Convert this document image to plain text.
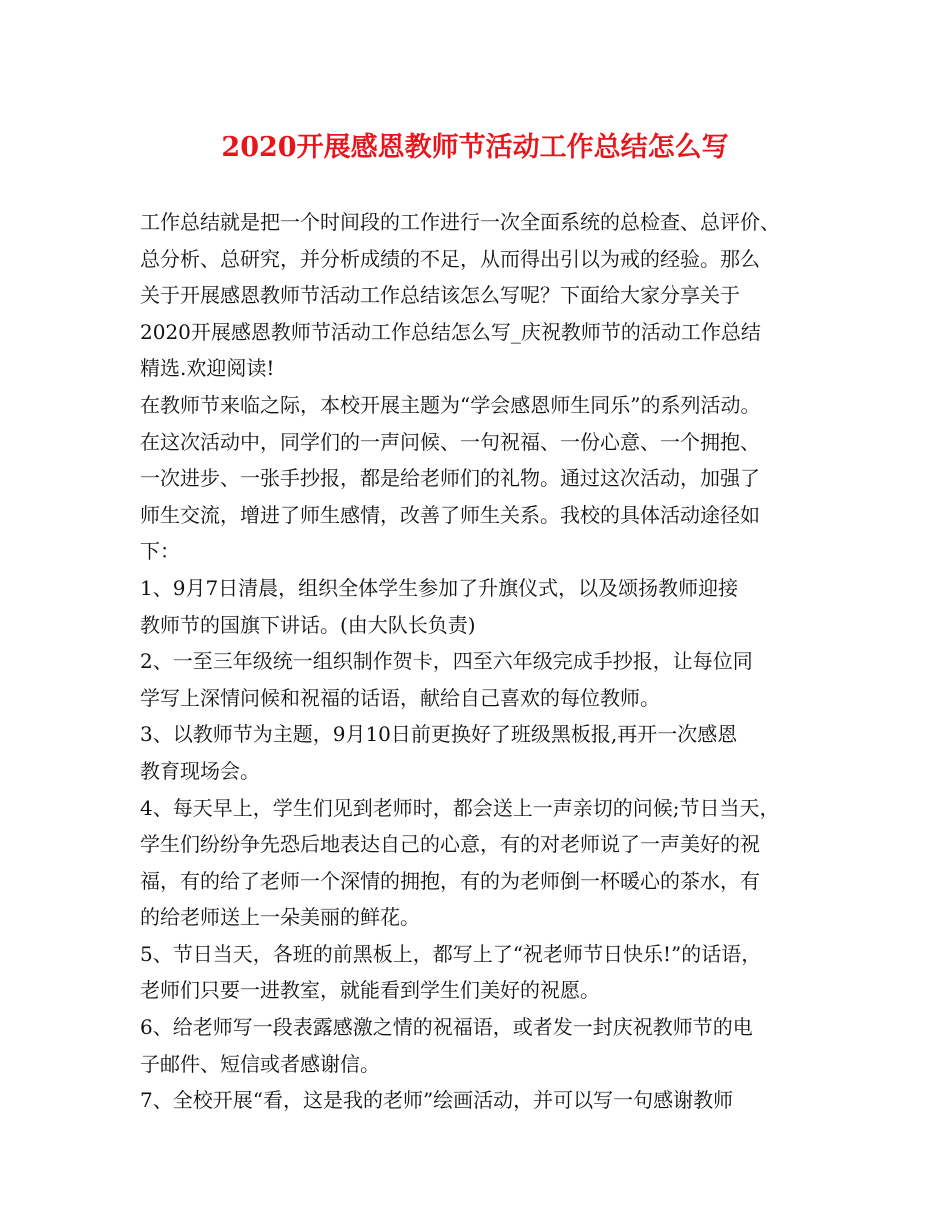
2020开展感恩教师节活动工作总结怎么写
工作总结就是把一个时间段的工作进行一次全面系统的总检查、总评价、
总分析、总研究，并分析成绩的不足，从而得出引以为戒的经验。那么
关于开展感恩教师节活动工作总结该怎么写呢？下面给大家分享关于
2020开展感恩教师节活动工作总结怎么写_庆祝教师节的活动工作总结
精选.欢迎阅读!
在教师节来临之际，本校开展主题为“学会感恩师生同乐”的系列活动。
在这次活动中，同学们的一声问候、一句祝福、一份心意、一个拥抱、
一次进步、一张手抄报，都是给老师们的礼物。通过这次活动，加强了
师生交流，增进了师生感情，改善了师生关系。我校的具体活动途径如
下：
1、9月7日清晨，组织全体学生参加了升旗仪式，以及颂扬教师迎接
教师节的国旗下讲话。(由大队长负责)
2、一至三年级统一组织制作贺卡，四至六年级完成手抄报，让每位同
学写上深情问候和祝福的话语，献给自己喜欢的每位教师。
3、以教师节为主题，9月10日前更换好了班级黑板报,再开一次感恩
教育现场会。
4、每天早上，学生们见到老师时，都会送上一声亲切的问候;节日当天，
学生们纷纷争先恐后地表达自己的心意，有的对老师说了一声美好的祝
福，有的给了老师一个深情的拥抱，有的为老师倒一杯暖心的茶水，有
的给老师送上一朵美丽的鲜花。
5、节日当天，各班的前黑板上，都写上了“祝老师节日快乐!”的话语，
老师们只要一进教室，就能看到学生们美好的祝愿。
6、给老师写一段表露感激之情的祝福语，或者发一封庆祝教师节的电
子邮件、短信或者感谢信。
7、全校开展“看，这是我的老师”绘画活动，并可以写一句感谢教师
